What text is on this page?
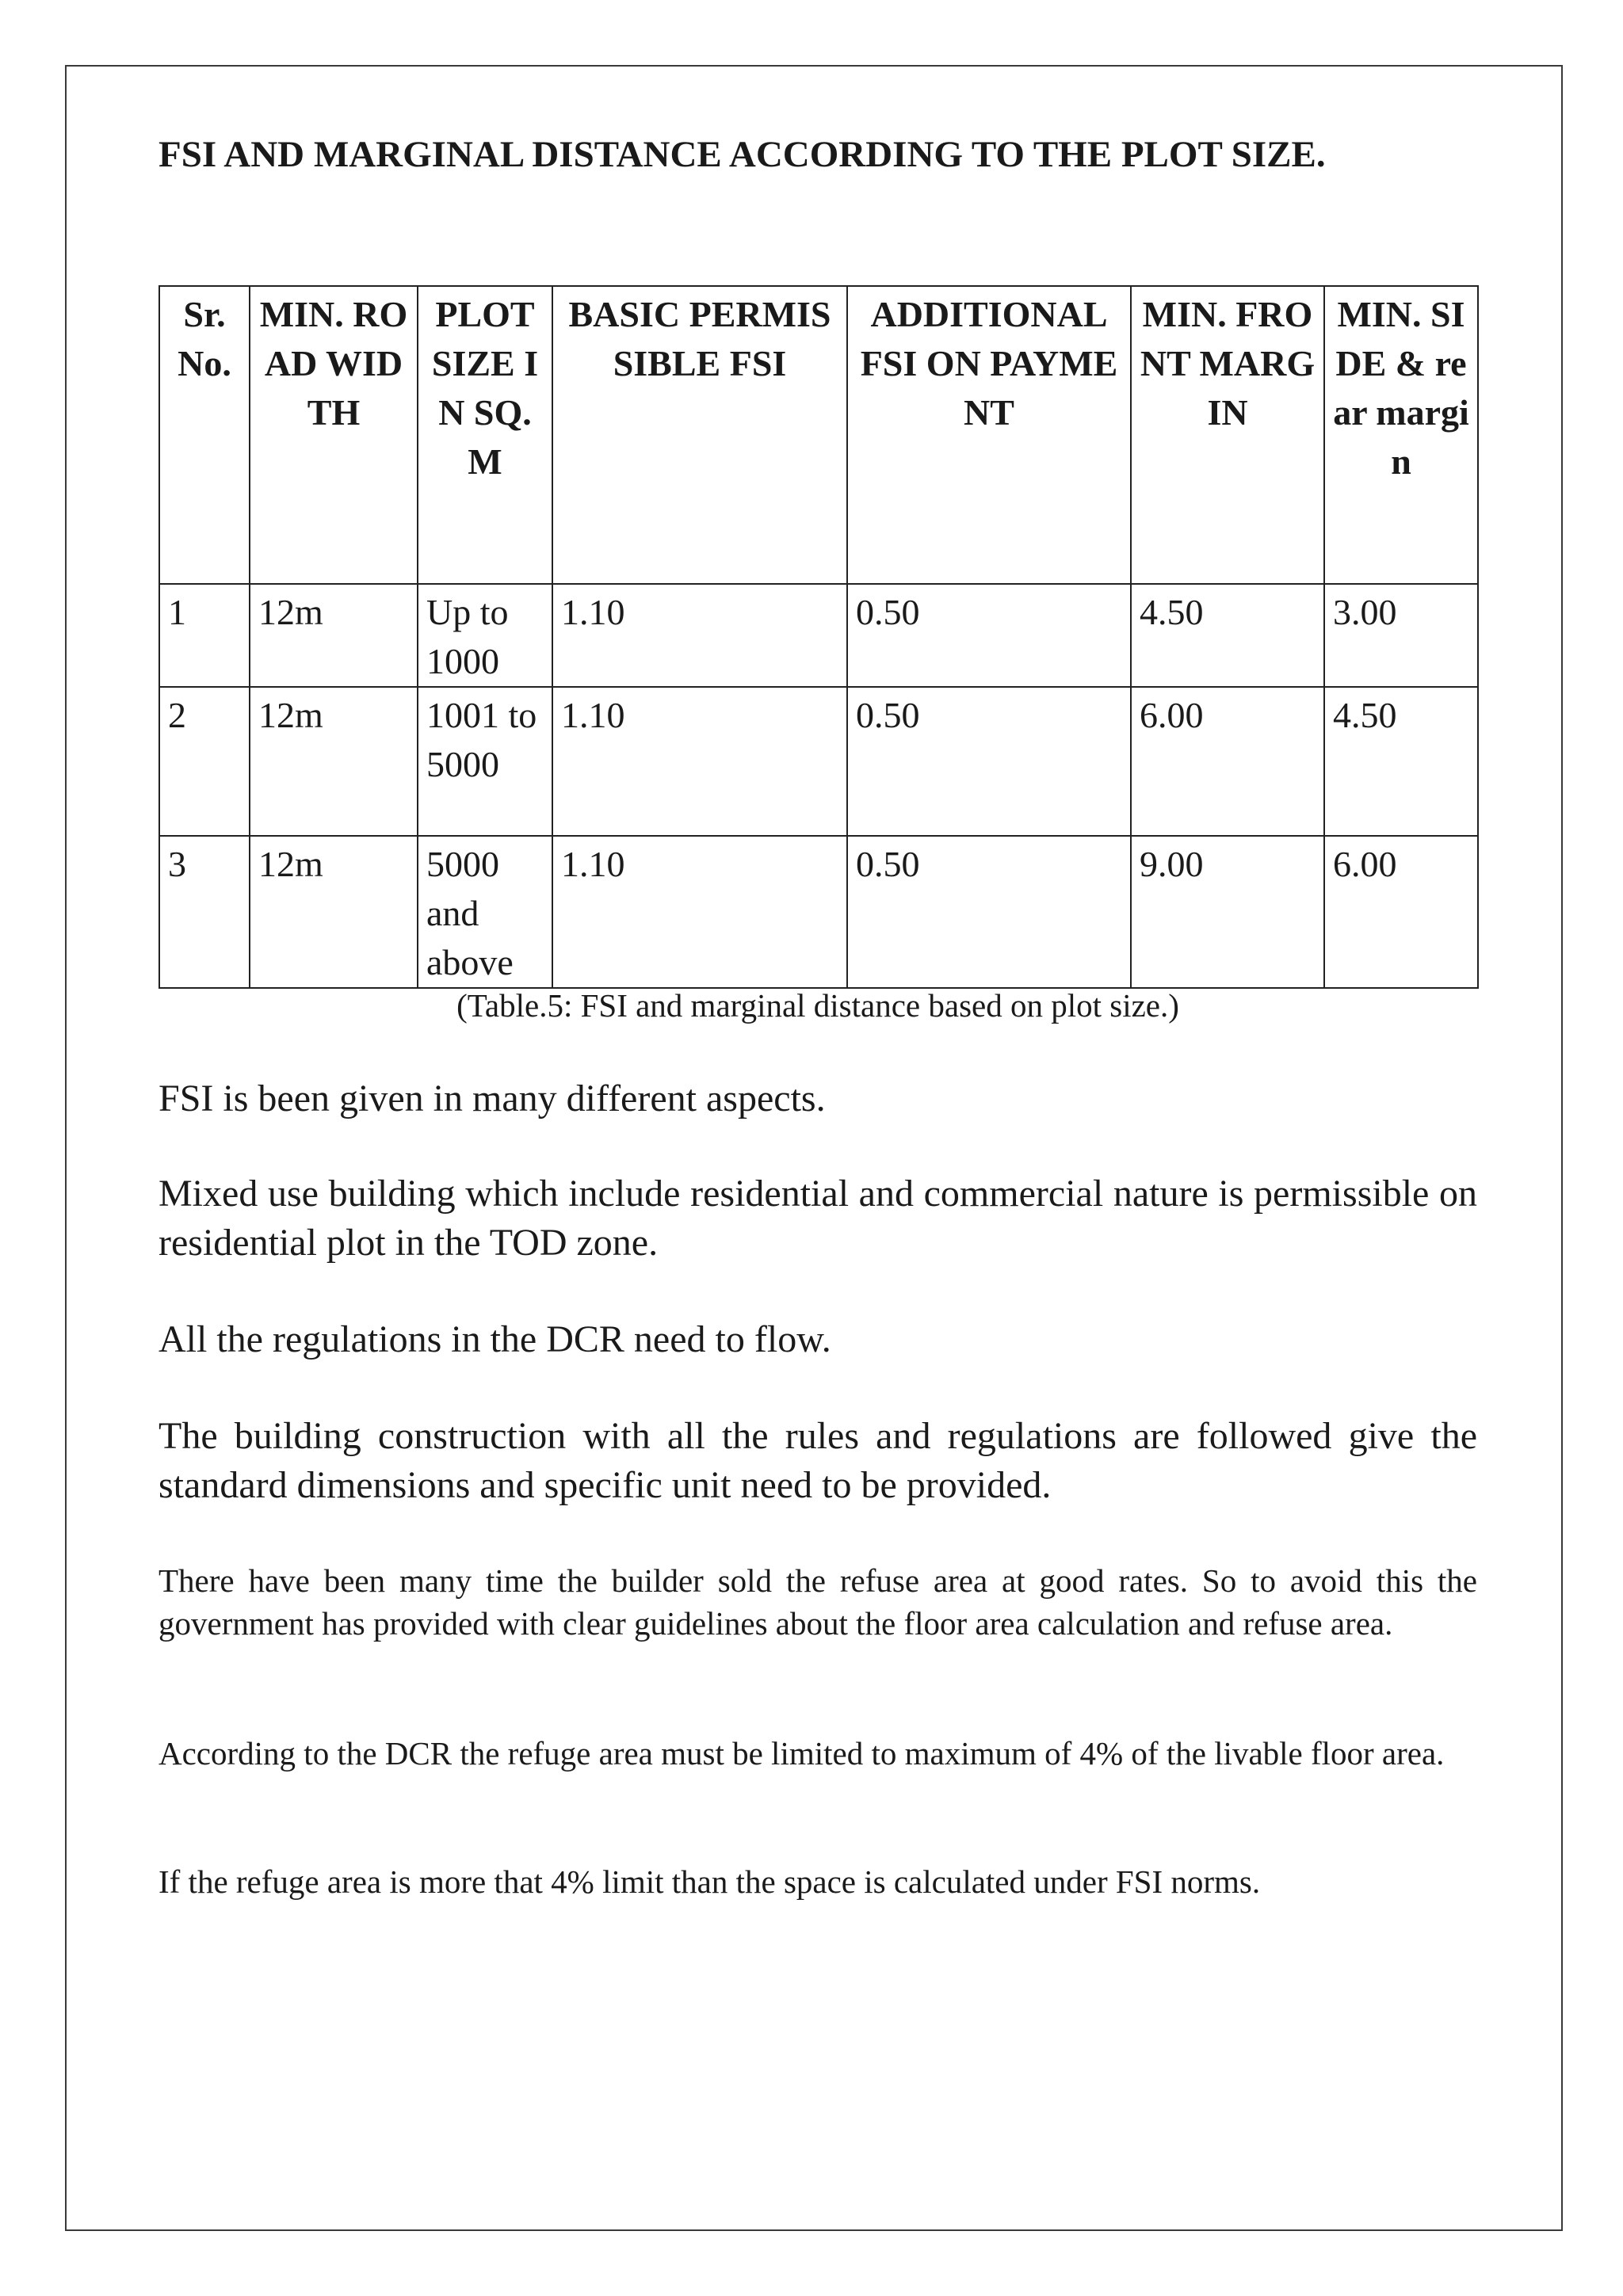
FSI AND MARGINAL DISTANCE ACCORDING TO THE PLOT SIZE.
Sr. No.	MIN. ROAD WIDTH	PLOT SIZE IN SQ. M	BASIC PERMISSIBLE FSI	ADDITIONAL FSI ON PAYMENT	MIN. FRONT MARGIN	MIN. SIDE & rear margin
1	12m	Up to 1000	1.10	0.50	4.50	3.00
2	12m	1001 to 5000	1.10	0.50	6.00	4.50
3	12m	5000 and above	1.10	0.50	9.00	6.00
(Table.5: FSI and marginal distance based on plot size.)

FSI is been given in many different aspects.

Mixed use building which include residential and commercial nature is permissible on residential plot in the TOD zone.

All the regulations in the DCR need to flow.

The building construction with all the rules and regulations are followed give the standard dimensions and specific unit need to be provided.

There have been many time the builder sold the refuse area at good rates. So to avoid this the government has provided with clear guidelines about the floor area calculation and refuse area.

According to the DCR the refuge area must be limited to maximum of 4% of the livable floor area.

If the refuge area is more that 4% limit than the space is calculated under FSI norms.
